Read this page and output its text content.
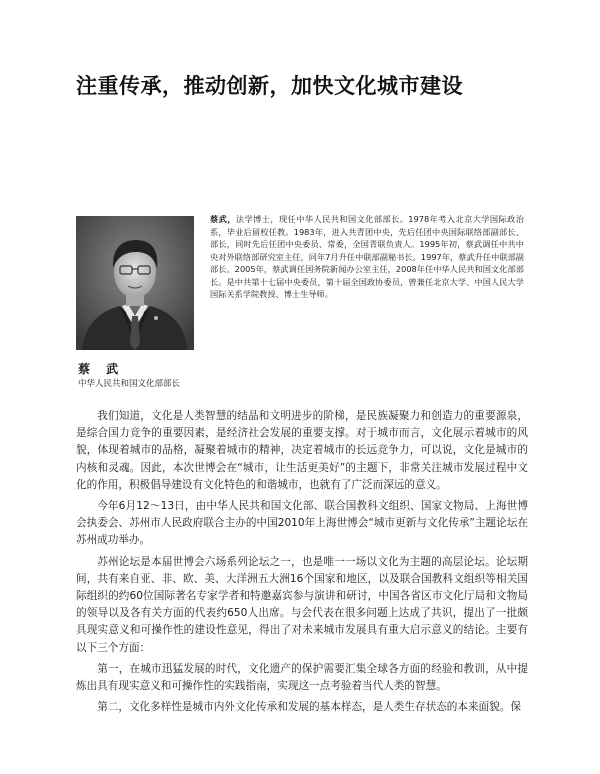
注重传承，推动创新，加快文化城市建设
蔡 武
中华人民共和国文化部部长
蔡武，法学博士，现任中华人民共和国文化部部长。1978年考入北京大学国际政治系，毕业后留校任教。1983年，进入共青团中央，先后任团中央国际联络部副部长、部长，同时先后任团中央委员、常委，全国青联负责人。1995年初，蔡武调任中共中央对外联络部研究室主任，同年7月升任中联部副秘书长。1997年，蔡武升任中联部副部长。2005年，蔡武调任国务院新闻办公室主任，2008年任中华人民共和国文化部部长。是中共第十七届中央委员，第十届全国政协委员，曾兼任北京大学、中国人民大学国际关系学院教授、博士生导师。

我们知道，文化是人类智慧的结晶和文明进步的阶梯，是民族凝聚力和创造力的重要源泉，是综合国力竞争的重要因素，是经济社会发展的重要支撑。对于城市而言，文化展示着城市的风貌，体现着城市的品格，凝聚着城市的精神，决定着城市的长远竞争力，可以说，文化是城市的内核和灵魂。因此，本次世博会在“城市，让生活更美好”的主题下，非常关注城市发展过程中文化的作用，积极倡导建设有文化特色的和谐城市，也就有了广泛而深远的意义。

今年6月12～13日，由中华人民共和国文化部、联合国教科文组织、国家文物局、上海世博会执委会、苏州市人民政府联合主办的中国2010年上海世博会“城市更新与文化传承”主题论坛在苏州成功举办。

苏州论坛是本届世博会六场系列论坛之一，也是唯一一场以文化为主题的高层论坛。论坛期间，共有来自亚、非、欧、美、大洋洲五大洲16个国家和地区，以及联合国教科文组织等相关国际组织的约60位国际著名专家学者和特邀嘉宾参与演讲和研讨，中国各省区市文化厅局和文物局的领导以及各有关方面的代表约650人出席。与会代表在很多问题上达成了共识，提出了一批颇具现实意义和可操作性的建设性意见，得出了对未来城市发展具有重大启示意义的结论。主要有以下三个方面：

第一，在城市迅猛发展的时代，文化遗产的保护需要汇集全球各方面的经验和教训，从中提炼出具有现实意义和可操作性的实践指南，实现这一点考验着当代人类的智慧。

第二，文化多样性是城市内外文化传承和发展的基本样态，是人类生存状态的本来面貌。保
